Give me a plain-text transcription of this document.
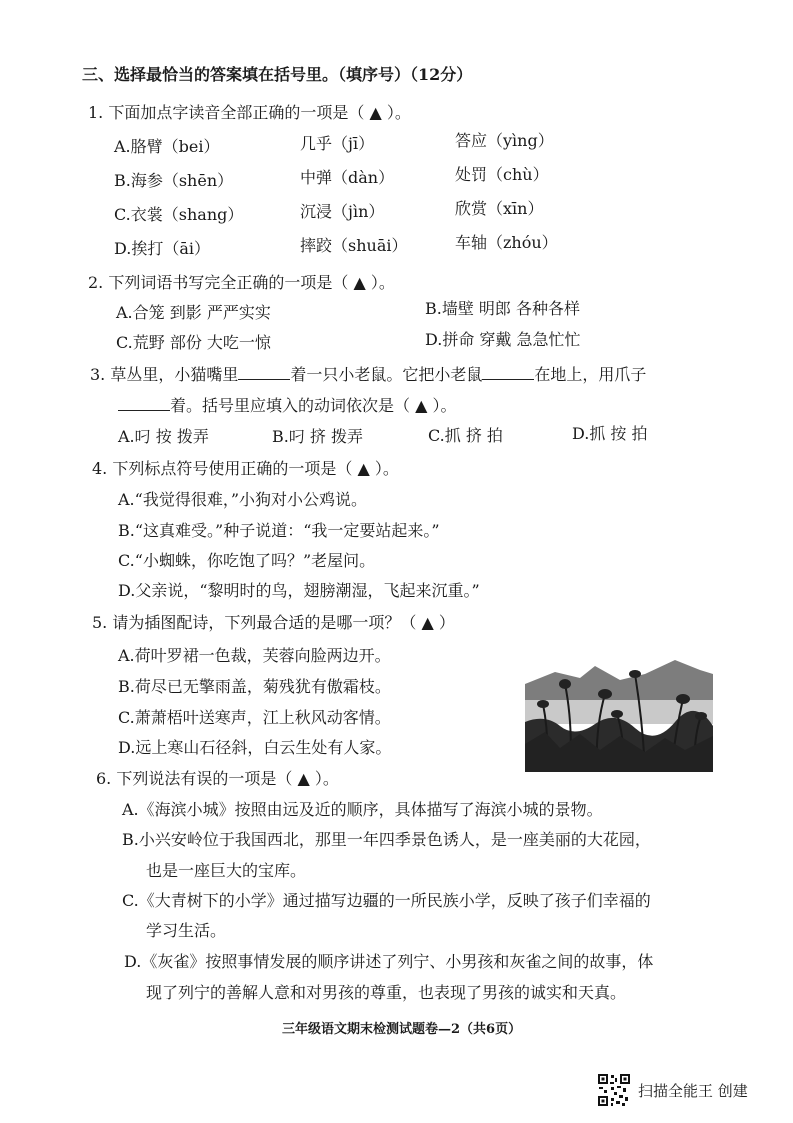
三、选择最恰当的答案填在括号里。（填序号）（12分）
1. 下面加点字读音全部正确的一项是（ ▲ ）。
A.胳臂（bei）	几乎（jī）	答应（yìng）
B.海参（shēn）	中弹（dàn）	处罚（chù）
C.衣裳（shang）	沉浸（jìn）	欣赏（xīn）
D.挨打（āi）	摔跤（shuāi）	车轴（zhóu）
2. 下列词语书写完全正确的一项是（ ▲ ）。
A.合笼 到影 严严实实	B.墙壁 明郎 各种各样
C.荒野 部份 大吃一惊	D.拼命 穿戴 急急忙忙
3. 草丛里，小猫嘴里	着一只小老鼠。它把小老鼠	在地上，用爪子
着。括号里应填入的动词依次是（ ▲ ）。
A.叼 按 拨弄	B.叼 挤 拨弄	C.抓 挤 拍	D.抓 按 拍
4. 下列标点符号使用正确的一项是（ ▲ ）。
A.“我觉得很难，”小狗对小公鸡说。
B.“这真难受。”种子说道：“我一定要站起来。”
C.“小蜘蛛，你吃饱了吗？”老屋问。
D.父亲说，“黎明时的鸟，翅膀潮湿，飞起来沉重。”
5. 请为插图配诗，下列最合适的是哪一项？（ ▲ ）
A.荷叶罗裙一色裁，芙蓉向脸两边开。
B.荷尽已无擎雨盖，菊残犹有傲霜枝。
C.萧萧梧叶送寒声，江上秋风动客情。
D.远上寒山石径斜，白云生处有人家。
6. 下列说法有误的一项是（ ▲ ）。
A.《海滨小城》按照由远及近的顺序，具体描写了海滨小城的景物。
B.小兴安岭位于我国西北，那里一年四季景色诱人，是一座美丽的大花园，
也是一座巨大的宝库。
C.《大青树下的小学》通过描写边疆的一所民族小学，反映了孩子们幸福的
学习生活。
D.《灰雀》按照事情发展的顺序讲述了列宁、小男孩和灰雀之间的故事，体
现了列宁的善解人意和对男孩的尊重，也表现了男孩的诚实和天真。
三年级语文期末检测试题卷—2（共6页）
扫描全能王 创建
